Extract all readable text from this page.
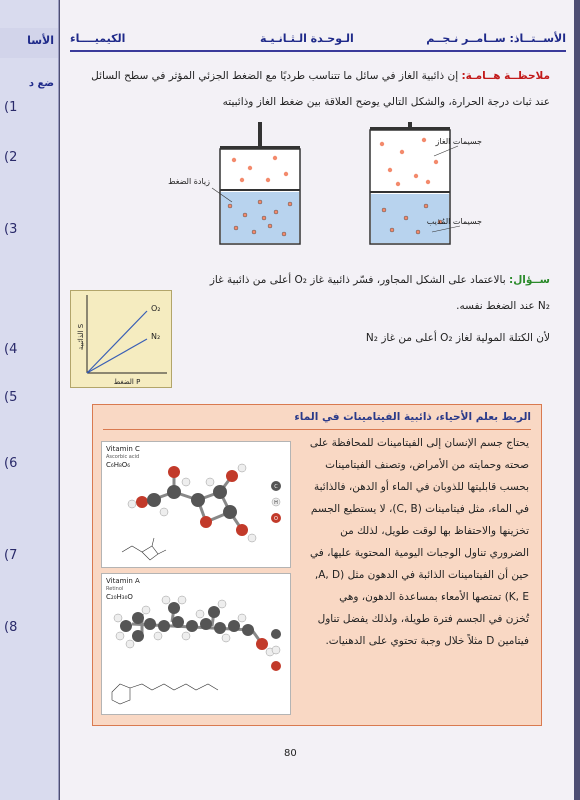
الأسا
ضع د
(1
(2
(3
(4
(5
(6
(7
(8
الأســتــاذ: ســامــر نـجــم
الـوحـدة الـثـانـيـة
الكيميــــاء
ملاحظــة هــامـة: إن ذائبية الغاز في سائل ما تتناسب طرديًا مع الضغط الجزئي المؤثر في سطح السائل
عند ثبات درجة الحرارة، والشكل التالي يوضح العلاقة بين ضغط الغاز وذائبيته
زيادة الضغط
جسيمات الغاز
جسيمات المُذيب
ســؤال: بالاعتماد على الشكل المجاور، فسّر ذائبية غاز O₂ أعلى من ذائبية غاز
N₂ عند الضغط نفسه.
لأن الكتلة المولية لغاز O₂ أعلى من غاز N₂
O₂
N₂
الذائبية S
الضغط P
الربط بعلم الأحياء، ذائبية الفيتامينات في الماء
يحتاج جسم الإنسان إلى الفيتامينات للمحافظة على
صحته وحمايته من الأمراض، وتصنف الفيتامينات
بحسب قابليتها للذوبان في الماء أو الدهن، فالذائبة
في الماء، مثل فيتامينات (C, B)، لا يستطيع الجسم
تخزينها والاحتفاظ بها لوقت طويل، لذلك من
الضروري تناول الوجبات اليومية المحتوية عليها، في
حين أن الفيتامينات الذائبة في الدهون مثل (A, D,
K, E) تمتصها الأمعاء بمساعدة الدهون، وهي
تُخزن في الجسم فترة طويلة، ولذلك يفضل تناول
فيتامين D مثلاً خلال وجبة تحتوي على الدهنيات.
Vitamin C
Ascorbic acid
C₆H₈O₆
C
H
O
Vitamin A
Retinol
C₂₀H₃₀O
80
